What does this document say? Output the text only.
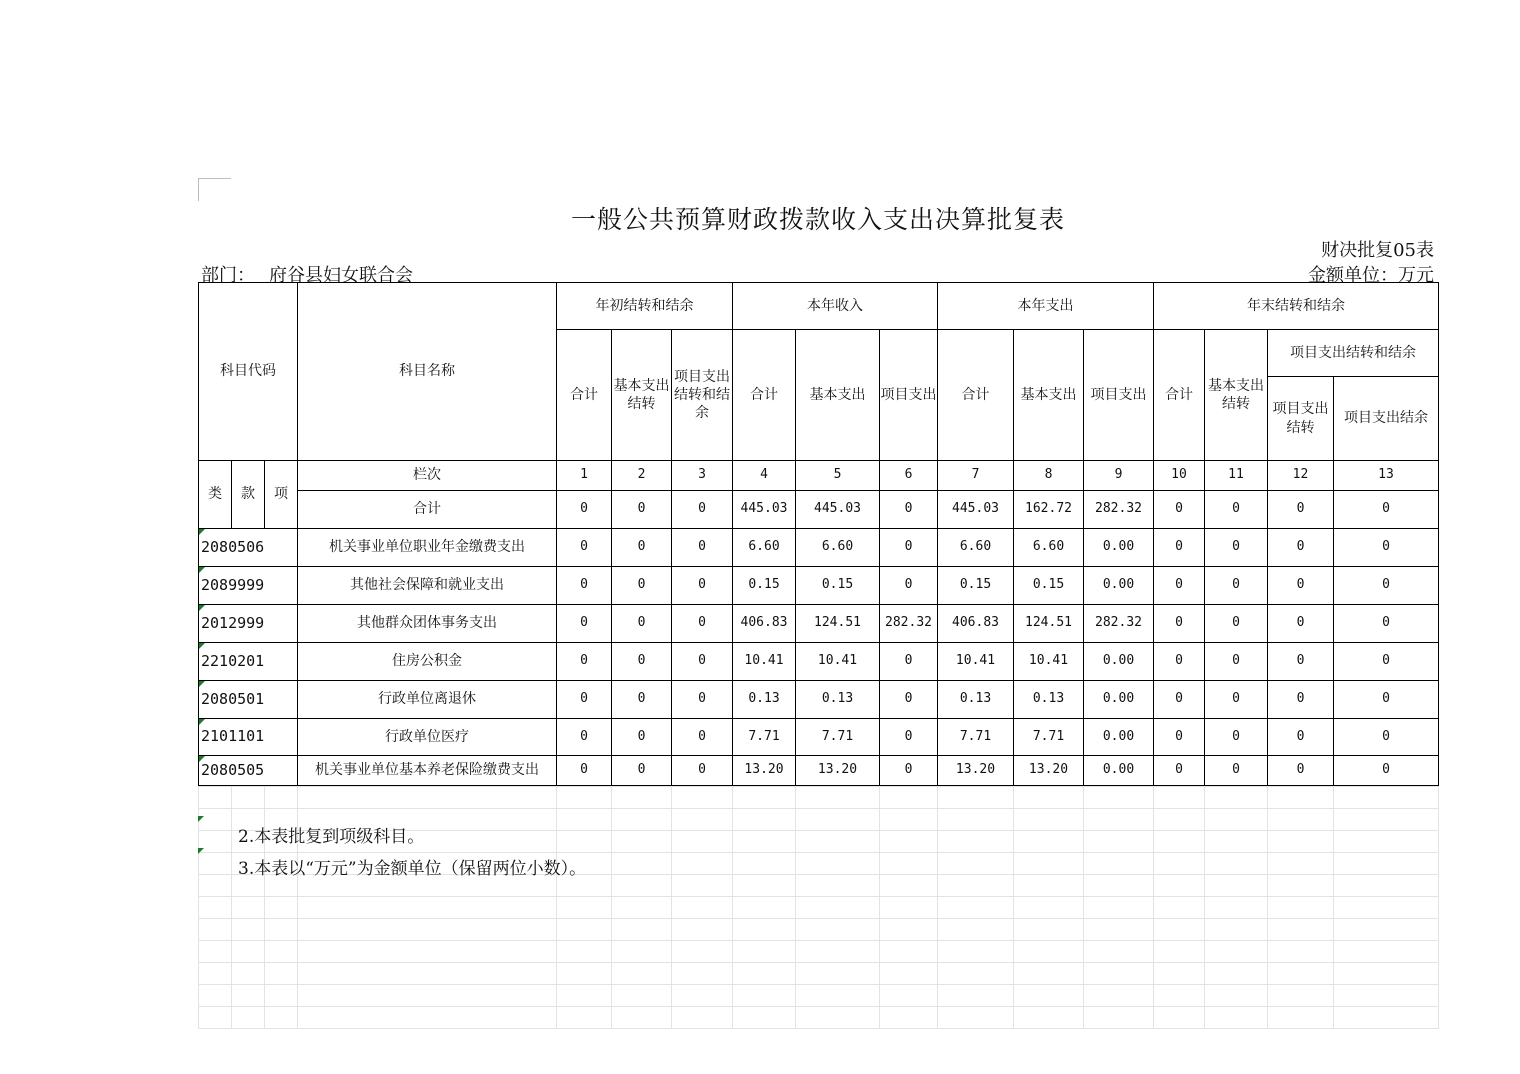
一般公共预算财政拨款收入支出决算批复表
财决批复05表
部门： 府谷县妇女联合会	金额单位：万元
科目代码			科目名称	年初结转和结余			本年收入			本年支出			年末结转和结余			
				合计	基本支出结转	项目支出结转和结余	合计	基本支出	项目支出	合计	基本支出	项目支出	合计	基本支出结转	项目支出结转和结余	
															项目支出结转	项目支出结余
类	款	项	栏次	1	2	3	4	5	6	7	8	9	10	11	12	13
			合计	0	0	0	445.03	445.03	0	445.03	162.72	282.32	0	0	0	0

2080506			机关事业单位职业年金缴费支出	0	0	0	6.60	6.60	0	6.60	6.60	0.00	0	0	0	0

2089999			其他社会保障和就业支出	0	0	0	0.15	0.15	0	0.15	0.15	0.00	0	0	0	0

2012999			其他群众团体事务支出	0	0	0	406.83	124.51	282.32	406.83	124.51	282.32	0	0	0	0

2210201			住房公积金	0	0	0	10.41	10.41	0	10.41	10.41	0.00	0	0	0	0

2080501			行政单位离退休	0	0	0	0.13	0.13	0	0.13	0.13	0.00	0	0	0	0

2101101			行政单位医疗	0	0	0	7.71	7.71	0	7.71	7.71	0.00	0	0	0	0

2080505			机关事业单位基本养老保险缴费支出	0	0	0	13.20	13.20	0	13.20	13.20	0.00	0	0	0	0

2.本表批复到项级科目。
3.本表以“万元”为金额单位（保留两位小数）。
